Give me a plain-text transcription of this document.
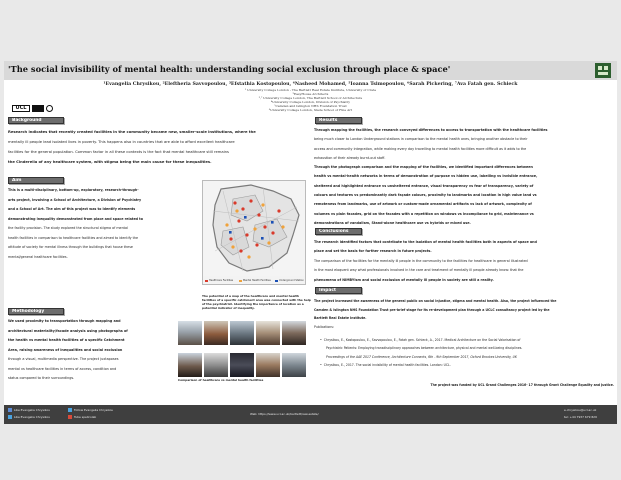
'The social invisibility of mental health: understanding social exclusion through place & space'
¹Evangelia Chrysikou, ²Eleftheria Savvopoulou, ³Efstathia Kostopoulou, ⁴Nasheed Mohamed, ⁵Ioanna Tsimopoulou, ⁶Sarah Pickering, ⁷Ava Fatah gen. Schieck
¹ University College London - The Bartlett Real Estate Institute, University of Crete
²EasyHouse Architects
³,⁷ University College London, The Bartlett School of Architecture
⁴University College London, Division of Psychiatry
⁵Camden and Islington NHS Foundation Trust
⁶University College London, Slade School of Fine Art
UCL
Background
Research indicates that recently created facilities in the community became new, smaller-scale institutions, where the
mentally ill people lead isolated lives in poverty. This happens also in countries that are able to afford excellent healthcare
facilities for the general population. Common factor in all these contexts is the fact that mental healthcare still remains
the Cinderella of any healthcare system, with stigma being the main cause for these inequalities.
Aim
This is a multi-disciplinary, bottom-up, exploratory, research-through-
arts project, involving a School of Architecture, a Division of Psychiatry
and a School of Art. The aim of this project was to identify elements
demonstrating inequality demonstrated from place and space related to
the facility provision. The study explored the structural stigma of mental
health facilities in comparison to healthcare facilities and aimed to identify the
attitude of society for mental illness through the buildings that house these
mental/general healthcare facilities.
Healthcare Facilities	Mental Health Facilities	Underground Station
The potential of a map of the healthcare and mental health
facilities of a specific catchment area was connected with the help
of the psychiatrist. Identifying the importance of location as a
potential indicator of inequality.
Methodology
We used proximity to transportation through mapping and
architectural materiality/facade analysis using photographs of
the health vs mental health facilities of a specific Catchment
Area, raising awareness of inequalities and social exclusion
through a visual, multimedia perspective. The project juxtaposes
mental vs healthcare facilities in terms of access, condition and
status compared to their surroundings.	Comparison of healthcare vs mental health facilities
Results
Through mapping the facilities, the research conveyed differences to access to transportation with the healthcare facilities
being much closer to London Underground stations in comparison to the mental health ones, bringing another obstacle to their
access and community integration, while making every day travelling to mental health facilities more difficult as it adds to the
exhaustion of their already burnt-out staff.
Through the photograph comparison and the mapping of the facilities, we identified important differences between
health vs mental-health networks in terms of demonstration of purpose vs hidden use, labelling vs invisible entrance,
sheltered and highlighted entrance vs unsheltered entrance, visual transparency vs fear of transparency, variety of
colours and textures vs predominantly dark façade colours, proximity to landmarks and location in high value land vs
remoteness from landmarks, use of artwork or custom-made ornamental artifacts vs lack of artwork, complexity of
volumes vs plain facades, grid on the facades with a repetition on windows vs incompliance to grid, maintenance vs
demonstrations of vandalism, Stand-alone healthcare use vs hybrids or mixed use.
Conclusions
The research identified factors that contribute to the isolation of mental health facilities both in aspects of space and
place and set the basis for further research in future projects.
The comparison of the facilities for the mentally ill people in the community to the facilities for healthcare in general illustrated
in the most eloquent way what professionals involved in the care and treatment of mentally ill people already know: that the
phenomena of NIMBYism and social exclusion of mentally ill people in society are still a reality.
Impact
The project increased the awareness of the general public on social injustice, stigma and mental health. Also, the project influenced the
Camden & Islington NHS Foundation Trust pre-brief stage for its re-development plan through a UCLC consultancy project led by the
Bartlett Real Estate Institute.
Publications:
• Chrysikou, E., Kostopoulou, E., Savvopoulou, E., Fatah gen. Schieck, A., 2017. Medical Architecture on the Social Valorisation of
Psychiatric Patients: Employing transdisciplinary approaches between architecture, physical and mental well-being disciplines.
Proceedings of the AAE 2017 Conference, Architecture Connects, 6th - 9th September 2017, Oxford Brookes University, UK
• Chrysikou, E., 2017. The social invisibility of mental health facilities. London: UCL.
The project was funded by UCL Grand Challenges 2016- 17 through Grant Challenge Equality and Justice.
Like Evangelia Chrysikou
Like Evangelia Chrysikou
Follow Evangelia Chrysikou
Tube spellcolab
Web: https://www.ucl.ac.uk/bartlett/real-estate/
e.chrysikou@ucl.ac.uk
tel: +44 7937 679 829
